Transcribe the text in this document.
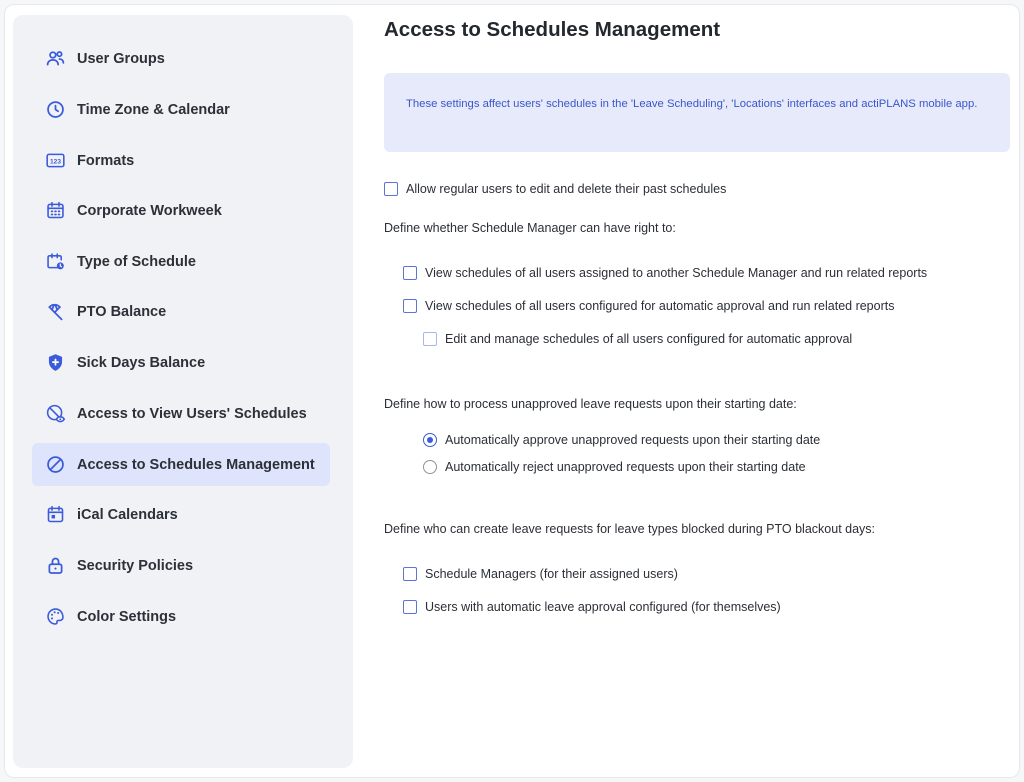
User Groups
Time Zone & Calendar
123 Formats
Corporate Workweek
Type of Schedule
PTO Balance
Sick Days Balance
Access to View Users' Schedules
Access to Schedules Management
iCal Calendars
Security Policies
Color Settings
Access to Schedules Management
These settings affect users' schedules in the 'Leave Scheduling', 'Locations' interfaces and actiPLANS mobile app.
Allow regular users to edit and delete their past schedules
Define whether Schedule Manager can have right to:
View schedules of all users assigned to another Schedule Manager and run related reports
View schedules of all users configured for automatic approval and run related reports
Edit and manage schedules of all users configured for automatic approval
Define how to process unapproved leave requests upon their starting date:
Automatically approve unapproved requests upon their starting date
Automatically reject unapproved requests upon their starting date
Define who can create leave requests for leave types blocked during PTO blackout days:
Schedule Managers (for their assigned users)
Users with automatic leave approval configured (for themselves)
